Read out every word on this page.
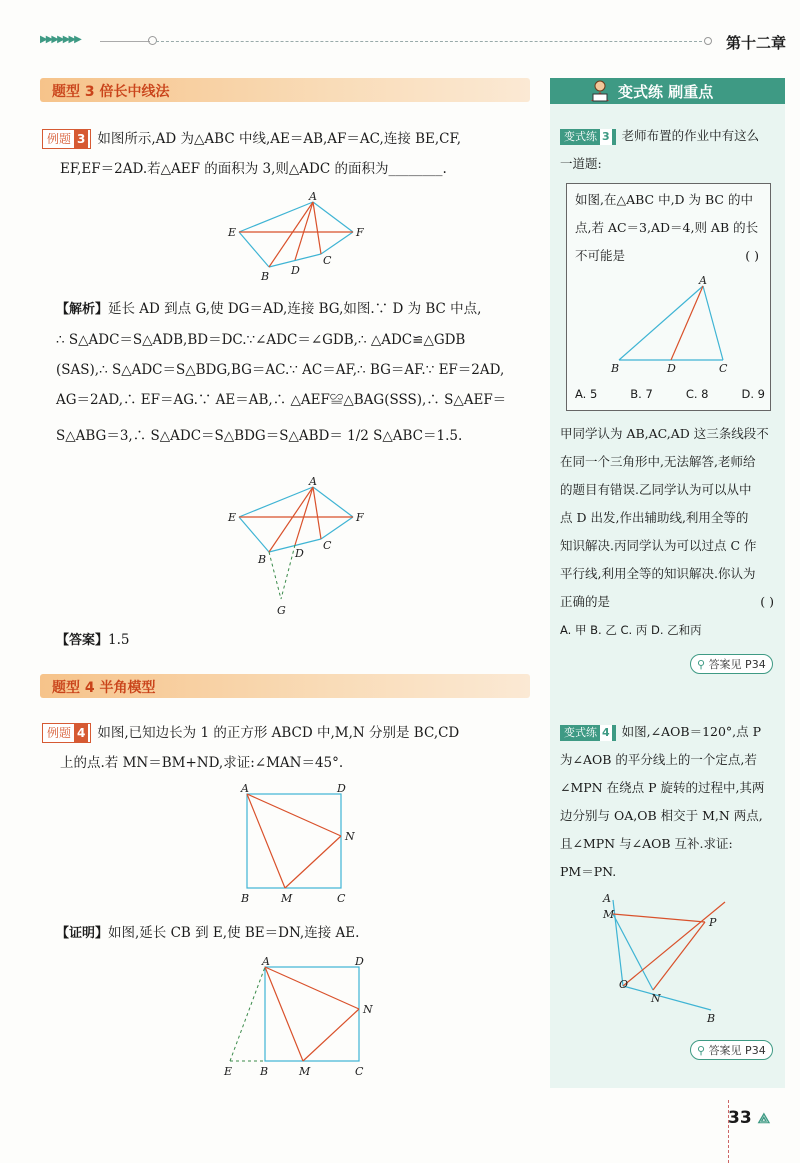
▶▶▶▶▶▶▶	第十二章
变式练 刷重点
题型 3 倍长中线法
例题 3 如图所示,AD 为△ABC 中线,AE＝AB,AF＝AC,连接 BE,CF,
EF,EF＝2AD.若△AEF 的面积为 3,则△ADC 的面积为________.
A
E	F
B D
C
【解析】延长 AD 到点 G,使 DG＝AD,连接 BG,如图.∵ D 为 BC 中点,
∴ S△ADC＝S△ADB,BD＝DC.∵∠ADC＝∠GDB,∴ △ADC≌△GDB
(SAS),∴ S△ADC＝S△BDG,BG＝AC.∵ AC＝AF,∴ BG＝AF.∵ EF＝2AD,
AG＝2AD,∴ EF＝AG.∵ AE＝AB,∴ △AEF≌△BAG(SSS),∴ S△AEF＝
S△ABG＝3,∴ S△ADC＝S△BDG＝S△ABD＝ 1/2 S△ABC＝1.5.
A
E	F
B	D
C
G
【答案】1.5
题型 4 半角模型
例题 4 如图,已知边长为 1 的正方形 ABCD 中,M,N 分别是 BC,CD
上的点.若 MN＝BM+ND,求证:∠MAN＝45°.
A	D
N
B	M	C
【证明】如图,延长 CB 到 E,使 BE＝DN,连接 AE.
A	D
N
E	B	M	C
变式练 3 老师布置的作业中有这么
一道题:
如图,在△ABC 中,D 为 BC 的中
点,若 AC＝3,AD＝4,则 AB 的长
不可能是	( )
A
B	D	C
A. 5	B. 7	C. 8	D. 9
甲同学认为 AB,AC,AD 这三条线段不
在同一个三角形中,无法解答,老师给
的题目有错误.乙同学认为可以从中
点 D 出发,作出辅助线,利用全等的
知识解决.丙同学认为可以过点 C 作
平行线,利用全等的知识解决.你认为
正确的是	( )
A. 甲 B. 乙 C. 丙 D. 乙和丙
⚲ 答案见 P34
变式练 4 如图,∠AOB＝120°,点 P
为∠AOB 的平分线上的一个定点,若
∠MPN 在绕点 P 旋转的过程中,其两
边分别与 OA,OB 相交于 M,N 两点,
且∠MPN 与∠AOB 互补.求证:
PM＝PN.
A
M
P
O
N
B
⚲ 答案见 P34
33 ⟁
